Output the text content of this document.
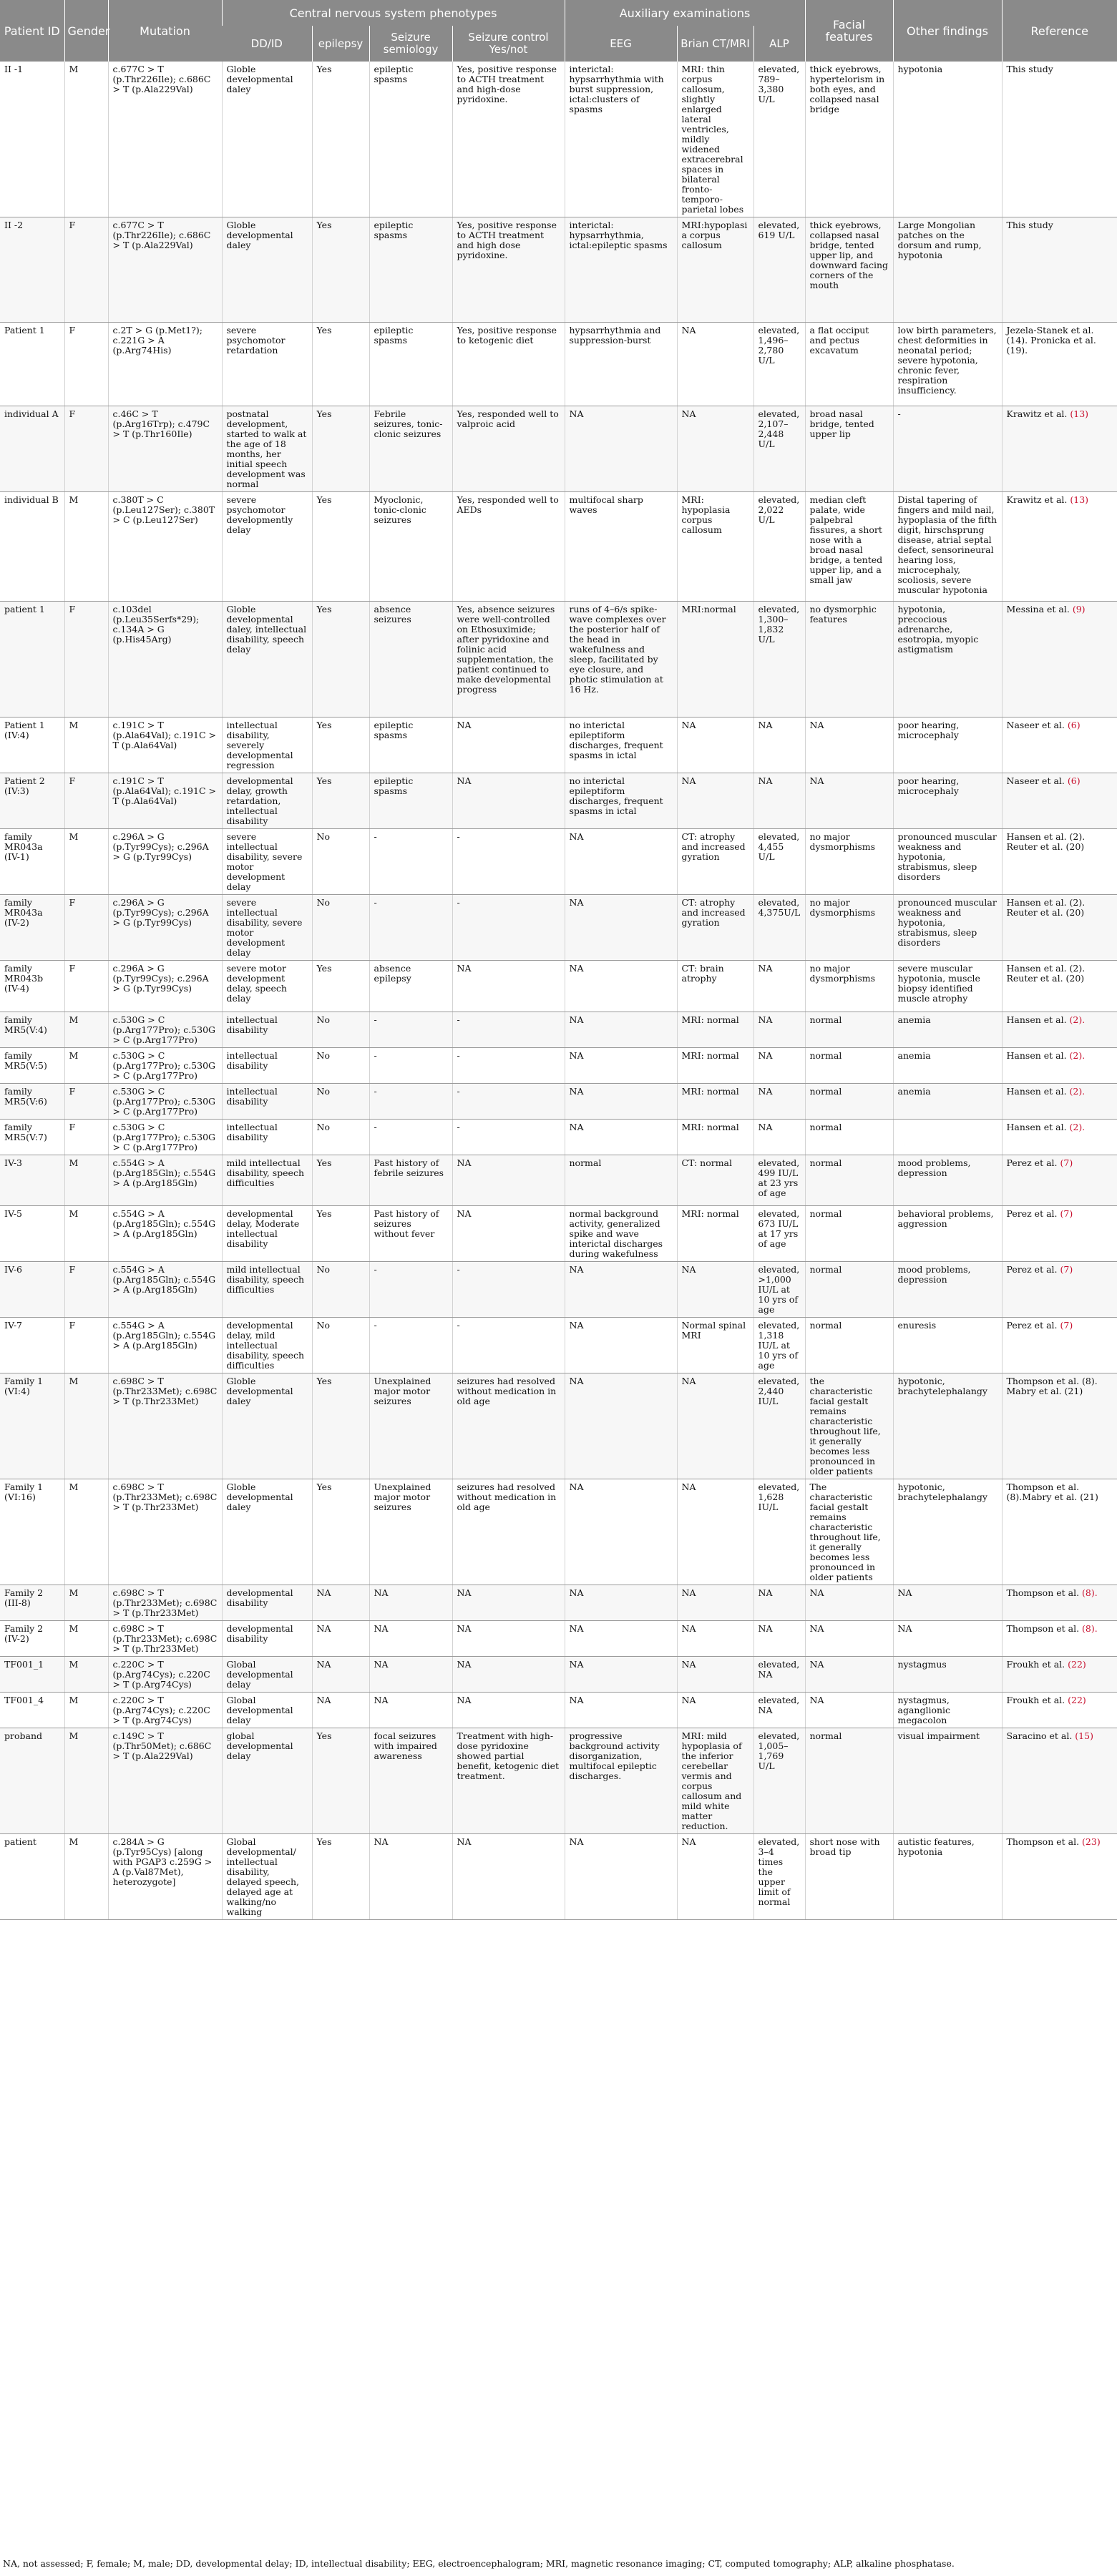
Patient ID	Gender	Mutation	Central nervous system phenotypes				Auxiliary examinations			Facial features	Other findings	Reference
			DD/ID	epilepsy	Seizure semiology	Seizure control Yes/not	EEG	Brian CT/MRI	ALP			
II -1	M	c.677C > T (p.Thr226Ile); c.686C > T (p.Ala229Val)	Globle developmental daley	Yes	epileptic spasms	Yes, positive response to ACTH treatment and high-dose pyridoxine.	interictal: hypsarrhythmia with burst suppression, ictal:clusters of spasms	MRI: thin corpus callosum, slightly enlarged lateral ventricles, mildly widened extracerebral spaces in bilateral fronto-temporo-parietal lobes	elevated, 789–3,380 U/L	thick eyebrows, hypertelorism in both eyes, and collapsed nasal bridge	hypotonia	This study
II -2	F	c.677C > T (p.Thr226Ile); c.686C > T (p.Ala229Val)	Globle developmental daley	Yes	epileptic spasms	Yes, positive response to ACTH treatment and high dose pyridoxine.	interictal: hypsarrhythmia, ictal:epileptic spasms	MRI:hypoplasia corpus callosum	elevated, 619 U/L	thick eyebrows, collapsed nasal bridge, tented upper lip, and downward facing corners of the mouth	Large Mongolian patches on the dorsum and rump, hypotonia	This study
Patient 1	F	c.2T > G (p.Met1?); c.221G > A (p.Arg74His)	severe psychomotor retardation	Yes	epileptic spasms	Yes, positive response to ketogenic diet	hypsarrhythmia and suppression-burst	NA	elevated, 1,496–2,780 U/L	a flat occiput and pectus excavatum	low birth parameters, chest deformities in neonatal period; severe hypotonia, chronic fever, respiration insufficiency.	Jezela-Stanek et al. (14). Pronicka et al. (19).
individual A	F	c.46C > T (p.Arg16Trp); c.479C > T (p.Thr160Ile)	postnatal development, started to walk at the age of 18 months, her initial speech development was normal	Yes	Febrile seizures, tonic-clonic seizures	Yes, responded well to valproic acid	NA	NA	elevated, 2,107–2,448 U/L	broad nasal bridge, tented upper lip	-	Krawitz et al. (13)
individual B	M	c.380T > C (p.Leu127Ser); c.380T > C (p.Leu127Ser)	severe psychomotor developmently delay	Yes	Myoclonic, tonic-clonic seizures	Yes, responded well to AEDs	multifocal sharp waves	MRI: hypoplasia corpus callosum	elevated, 2,022 U/L	median cleft palate, wide palpebral fissures, a short nose with a broad nasal bridge, a tented upper lip, and a small jaw	Distal tapering of fingers and mild nail, hypoplasia of the fifth digit, hirschsprung disease, atrial septal defect, sensorineural hearing loss, microcephaly, scoliosis, severe muscular hypotonia	Krawitz et al. (13)
patient 1	F	c.103del (p.Leu35Serfs*29); c.134A > G (p.His45Arg)	Globle developmental daley, intellectual disability, speech delay	Yes	absence seizures	Yes, absence seizures were well-controlled on Ethosuximide; after pyridoxine and folinic acid supplementation, the patient continued to make developmental progress	runs of 4–6/s spike-wave complexes over the posterior half of the head in wakefulness and sleep, facilitated by eye closure, and photic stimulation at 16 Hz.	MRI:normal	elevated, 1,300–1,832 U/L	no dysmorphic features	hypotonia, precocious adrenarche, esotropia, myopic astigmatism	Messina et al. (9)
Patient 1 (IV:4)	M	c.191C > T (p.Ala64Val); c.191C > T (p.Ala64Val)	intellectual disability, severely developmental regression	Yes	epileptic spasms	NA	no interictal epileptiform discharges, frequent spasms in ictal	NA	NA	NA	poor hearing, microcephaly	Naseer et al. (6)
Patient 2 (IV:3)	F	c.191C > T (p.Ala64Val); c.191C > T (p.Ala64Val)	developmental delay, growth retardation, intellectual disability	Yes	epileptic spasms	NA	no interictal epileptiform discharges, frequent spasms in ictal	NA	NA	NA	poor hearing, microcephaly	Naseer et al. (6)
family MR043a (IV-1)	M	c.296A > G (p.Tyr99Cys); c.296A > G (p.Tyr99Cys)	severe intellectual disability, severe motor development delay	No	-	-	NA	CT: atrophy and increased gyration	elevated, 4,455 U/L	no major dysmorphisms	pronounced muscular weakness and hypotonia, strabismus, sleep disorders	Hansen et al. (2). Reuter et al. (20)
family MR043a (IV-2)	F	c.296A > G (p.Tyr99Cys); c.296A > G (p.Tyr99Cys)	severe intellectual disability, severe motor development delay	No	-	-	NA	CT: atrophy and increased gyration	elevated, 4,375U/L	no major dysmorphisms	pronounced muscular weakness and hypotonia, strabismus, sleep disorders	Hansen et al. (2). Reuter et al. (20)
family MR043b (IV-4)	F	c.296A > G (p.Tyr99Cys); c.296A > G (p.Tyr99Cys)	severe motor development delay, speech delay	Yes	absence epilepsy	NA	NA	CT: brain atrophy	NA	no major dysmorphisms	severe muscular hypotonia, muscle biopsy identified muscle atrophy	Hansen et al. (2). Reuter et al. (20)
family MR5(V:4)	M	c.530G > C (p.Arg177Pro); c.530G > C (p.Arg177Pro)	intellectual disability	No	-	-	NA	MRI: normal	NA	normal	anemia	Hansen et al. (2).
family MR5(V:5)	M	c.530G > C (p.Arg177Pro); c.530G > C (p.Arg177Pro)	intellectual disability	No	-	-	NA	MRI: normal	NA	normal	anemia	Hansen et al. (2).
family MR5(V:6)	F	c.530G > C (p.Arg177Pro); c.530G > C (p.Arg177Pro)	intellectual disability	No	-	-	NA	MRI: normal	NA	normal	anemia	Hansen et al. (2).
family MR5(V:7)	F	c.530G > C (p.Arg177Pro); c.530G > C (p.Arg177Pro)	intellectual disability	No	-	-	NA	MRI: normal	NA	normal		Hansen et al. (2).
IV-3	M	c.554G > A (p.Arg185Gln); c.554G > A (p.Arg185Gln)	mild intellectual disability, speech difficulties	Yes	Past history of febrile seizures	NA	normal	CT: normal	elevated, 499 IU/L at 23 yrs of age	normal	mood problems, depression	Perez et al. (7)
IV-5	M	c.554G > A (p.Arg185Gln); c.554G > A (p.Arg185Gln)	developmental delay, Moderate intellectual disability	Yes	Past history of seizures without fever	NA	normal background activity, generalized spike and wave interictal discharges during wakefulness	MRI: normal	elevated, 673 IU/L at 17 yrs of age	normal	behavioral problems, aggression	Perez et al. (7)
IV-6	F	c.554G > A (p.Arg185Gln); c.554G > A (p.Arg185Gln)	mild intellectual disability, speech difficulties	No	-	-	NA	NA	elevated, >1,000 IU/L at 10 yrs of age	normal	mood problems, depression	Perez et al. (7)
IV-7	F	c.554G > A (p.Arg185Gln); c.554G > A (p.Arg185Gln)	developmental delay, mild intellectual disability, speech difficulties	No	-	-	NA	Normal spinal MRI	elevated, 1,318 IU/L at 10 yrs of age	normal	enuresis	Perez et al. (7)
Family 1 (VI:4)	M	c.698C > T (p.Thr233Met); c.698C > T (p.Thr233Met)	Globle developmental daley	Yes	Unexplained major motor seizures	seizures had resolved without medication in old age	NA	NA	elevated, 2,440 IU/L	the characteristic facial gestalt remains characteristic throughout life, it generally becomes less pronounced in older patients	hypotonic, brachytelephalangy	Thompson et al. (8). Mabry et al. (21)
Family 1 (VI:16)	M	c.698C > T (p.Thr233Met); c.698C > T (p.Thr233Met)	Globle developmental daley	Yes	Unexplained major motor seizures	seizures had resolved without medication in old age	NA	NA	elevated, 1,628 IU/L	The characteristic facial gestalt remains characteristic throughout life, it generally becomes less pronounced in older patients	hypotonic, brachytelephalangy	Thompson et al. (8).Mabry et al. (21)
Family 2 (III-8)	M	c.698C > T (p.Thr233Met); c.698C > T (p.Thr233Met)	developmental disability	NA	NA	NA	NA	NA	NA	NA	NA	Thompson et al. (8).
Family 2 (IV-2)	M	c.698C > T (p.Thr233Met); c.698C > T (p.Thr233Met)	developmental disability	NA	NA	NA	NA	NA	NA	NA	NA	Thompson et al. (8).
TF001_1	M	c.220C > T (p.Arg74Cys); c.220C > T (p.Arg74Cys)	Global developmental delay	NA	NA	NA	NA	NA	elevated, NA	NA	nystagmus	Froukh et al. (22)
TF001_4	M	c.220C > T (p.Arg74Cys); c.220C > T (p.Arg74Cys)	Global developmental delay	NA	NA	NA	NA	NA	elevated, NA	NA	nystagmus, aganglionic megacolon	Froukh et al. (22)
proband	M	c.149C > T (p.Thr50Met); c.686C > T (p.Ala229Val)	global developmental delay	Yes	focal seizures with impaired awareness	Treatment with high-dose pyridoxine showed partial benefit, ketogenic diet treatment.	progressive background activity disorganization, multifocal epileptic discharges.	MRI: mild hypoplasia of the inferior cerebellar vermis and corpus callosum and mild white matter reduction.	elevated, 1,005–1,769 U/L	normal	visual impairment	Saracino et al. (15)
patient	M	c.284A > G (p.Tyr95Cys) [along with PGAP3 c.259G > A (p.Val87Met), heterozygote]	Global developmental/ intellectual disability, delayed speech, delayed age at walking/no walking	Yes	NA	NA	NA	NA	elevated, 3–4 times the upper limit of normal	short nose with broad tip	autistic features, hypotonia	Thompson et al. (23)
NA, not assessed; F, female; M, male; DD, developmental delay; ID, intellectual disability; EEG, electroencephalogram; MRI, magnetic resonance imaging; CT, computed tomography; ALP, alkaline phosphatase.
